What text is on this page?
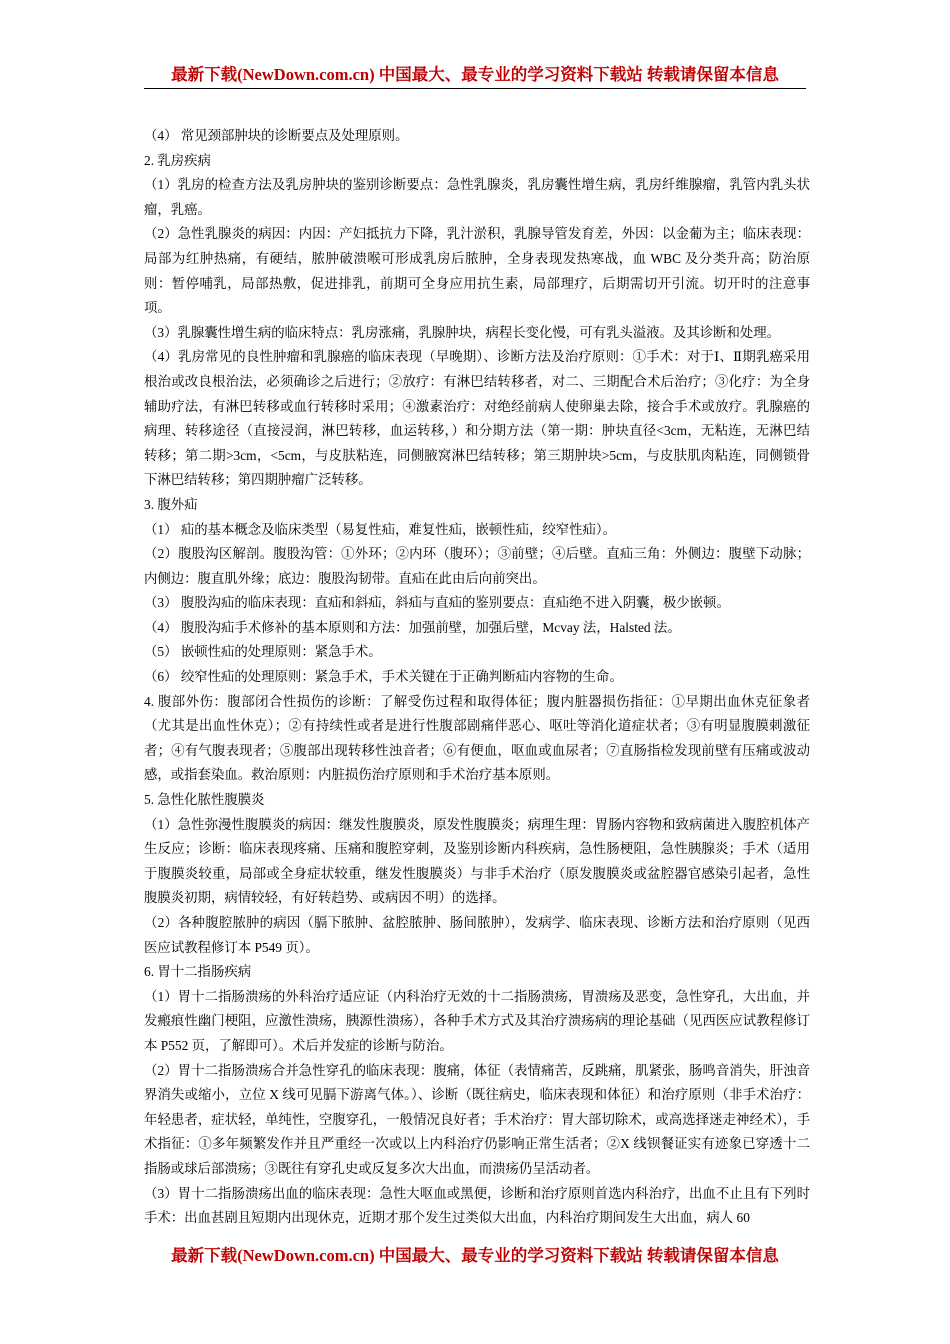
最新下载(NewDown.com.cn) 中国最大、最专业的学习资料下载站 转载请保留本信息

（4） 常见颈部肿块的诊断要点及处理原则。

2. 乳房疾病

（1）乳房的检查方法及乳房肿块的鉴别诊断要点：急性乳腺炎，乳房囊性增生病，乳房纤维腺瘤，乳管内乳头状瘤，乳癌。

（2）急性乳腺炎的病因：内因：产妇抵抗力下降，乳汁淤积，乳腺导管发育差，外因：以金葡为主；临床表现：局部为红肿热痛，有硬结，脓肿破溃喉可形成乳房后脓肿，全身表现发热寒战，血 WBC 及分类升高；防治原则：暂停哺乳，局部热敷，促进排乳，前期可全身应用抗生素，局部理疗，后期需切开引流。切开时的注意事项。

（3）乳腺囊性增生病的临床特点：乳房涨痛，乳腺肿块，病程长变化慢，可有乳头溢液。及其诊断和处理。

（4）乳房常见的良性肿瘤和乳腺癌的临床表现（早晚期）、诊断方法及治疗原则：①手术：对于Ⅰ、Ⅱ期乳癌采用根治或改良根治法，必须确诊之后进行；②放疗：有淋巴结转移者，对二、三期配合术后治疗；③化疗：为全身辅助疗法，有淋巴转移或血行转移时采用；④激素治疗：对绝经前病人使卵巢去除，接合手术或放疗。乳腺癌的病理、转移途径（直接浸润，淋巴转移，血运转移，）和分期方法（第一期：肿块直径<3cm，无粘连，无淋巴结转移；第二期>3cm，<5cm，与皮肤粘连，同侧腋窝淋巴结转移；第三期肿块>5cm，与皮肤肌肉粘连，同侧锁骨下淋巴结转移；第四期肿瘤广泛转移。

3. 腹外疝

（1） 疝的基本概念及临床类型（易复性疝，难复性疝，嵌顿性疝，绞窄性疝）。

（2）腹股沟区解剖。腹股沟管：①外环；②内环（腹环）；③前壁；④后壁。直疝三角：外侧边：腹壁下动脉；内侧边：腹直肌外缘；底边：腹股沟韧带。直疝在此由后向前突出。

（3） 腹股沟疝的临床表现：直疝和斜疝，斜疝与直疝的鉴别要点：直疝绝不进入阴囊，极少嵌顿。

（4） 腹股沟疝手术修补的基本原则和方法：加强前壁，加强后壁，Mcvay 法，Halsted 法。

（5） 嵌顿性疝的处理原则：紧急手术。

（6） 绞窄性疝的处理原则：紧急手术，手术关键在于正确判断疝内容物的生命。

4. 腹部外伤：腹部闭合性损伤的诊断：了解受伤过程和取得体征；腹内脏器损伤指征：①早期出血休克征象者（尤其是出血性休克）；②有持续性或者是进行性腹部剧痛伴恶心、呕吐等消化道症状者；③有明显腹膜刺激征者；④有气腹表现者；⑤腹部出现转移性浊音者；⑥有便血，呕血或血尿者；⑦直肠指检发现前壁有压痛或波动感，或指套染血。救治原则：内脏损伤治疗原则和手术治疗基本原则。

5. 急性化脓性腹膜炎

（1）急性弥漫性腹膜炎的病因：继发性腹膜炎，原发性腹膜炎；病理生理：胃肠内容物和致病菌进入腹腔机体产生反应；诊断：临床表现疼痛、压痛和腹腔穿刺，及鉴别诊断内科疾病，急性肠梗阻，急性胰腺炎；手术（适用于腹膜炎较重，局部或全身症状较重，继发性腹膜炎）与非手术治疗（原发腹膜炎或盆腔器官感染引起者，急性腹膜炎初期，病情较轻，有好转趋势、或病因不明）的选择。

（2）各种腹腔脓肿的病因（膈下脓肿、盆腔脓肿、肠间脓肿），发病学、临床表现、诊断方法和治疗原则（见西医应试教程修订本 P549 页）。

6. 胃十二指肠疾病

（1）胃十二指肠溃疡的外科治疗适应证（内科治疗无效的十二指肠溃疡，胃溃疡及恶变，急性穿孔，大出血，并发瘢痕性幽门梗阻，应激性溃疡，胰源性溃疡），各种手术方式及其治疗溃疡病的理论基础（见西医应试教程修订本 P552 页，了解即可）。术后并发症的诊断与防治。

（2）胃十二指肠溃疡合并急性穿孔的临床表现：腹痛，体征（表情痛苦，反跳痛，肌紧张，肠鸣音消失，肝浊音界消失或缩小，立位 X 线可见膈下游离气体。）、诊断（既往病史，临床表现和体征）和治疗原则（非手术治疗：年轻患者，症状轻，单纯性，空腹穿孔，一般情况良好者；手术治疗：胃大部切除术，或高选择迷走神经术），手术指征：①多年频繁发作并且严重经一次或以上内科治疗仍影响正常生活者；②X 线钡餐证实有迹象已穿透十二指肠或球后部溃疡；③既往有穿孔史或反复多次大出血，而溃疡仍呈活动者。

（3）胃十二指肠溃疡出血的临床表现：急性大呕血或黑便，诊断和治疗原则首选内科治疗，出血不止且有下列时手术：出血甚剧且短期内出现休克，近期才那个发生过类似大出血，内科治疗期间发生大出血，病人 60

最新下载(NewDown.com.cn) 中国最大、最专业的学习资料下载站 转载请保留本信息
